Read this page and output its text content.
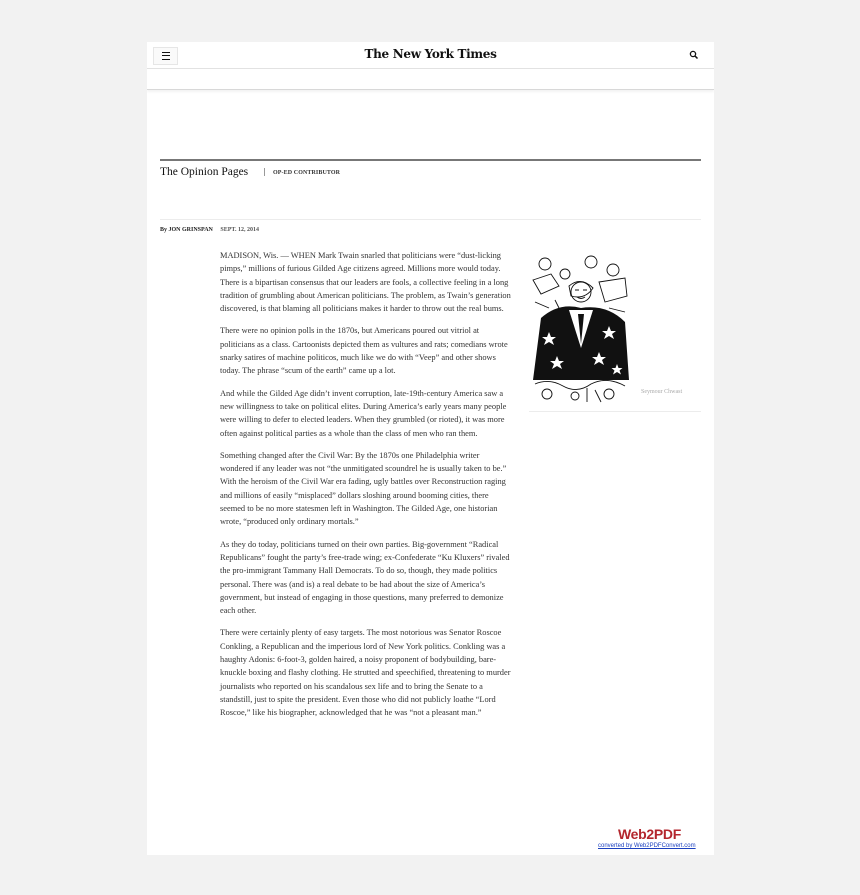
The New York Times
The Opinion Pages	OP-ED CONTRIBUTOR
By JON GRINSPAN SEPT. 12, 2014

MADISON, Wis. — WHEN Mark Twain snarled that politicians were “dust-licking pimps,” millions of furious Gilded Age citizens agreed. Millions more would today. There is a bipartisan consensus that our leaders are fools, a collective feeling in a long tradition of grumbling about American politicians. The problem, as Twain’s generation discovered, is that blaming all politicians makes it harder to throw out the real bums.

There were no opinion polls in the 1870s, but Americans poured out vitriol at politicians as a class. Cartoonists depicted them as vultures and rats; comedians wrote snarky satires of machine politicos, much like we do with “Veep” and other shows today. The phrase “scum of the earth” came up a lot.

And while the Gilded Age didn’t invent corruption, late-19th-century America saw a new willingness to take on political elites. During America’s early years many people were willing to defer to elected leaders. When they grumbled (or rioted), it was more often against political parties as a whole than the class of men who ran them.

Something changed after the Civil War: By the 1870s one Philadelphia writer wondered if any leader was not “the unmitigated scoundrel he is usually taken to be.” With the heroism of the Civil War era fading, ugly battles over Reconstruction raging and millions of easily “misplaced” dollars sloshing around booming cities, there seemed to be no more statesmen left in Washington. The Gilded Age, one historian wrote, “produced only ordinary mortals.”

As they do today, politicians turned on their own parties. Big-government “Radical Republicans” fought the party’s free-trade wing; ex-Confederate “Ku Kluxers” rivaled the pro-immigrant Tammany Hall Democrats. To do so, though, they made politics personal. There was (and is) a real debate to be had about the size of America’s government, but instead of engaging in those questions, many preferred to demonize each other.

There were certainly plenty of easy targets. The most notorious was Senator Roscoe Conkling, a Republican and the imperious lord of New York politics. Conkling was a haughty Adonis: 6-foot-3, golden haired, a noisy proponent of bodybuilding, bare-knuckle boxing and flashy clothing. He strutted and speechified, threatening to murder journalists who reported on his scandalous sex life and to bring the Senate to a standstill, just to spite the president. Even those who did not publicly loathe “Lord Roscoe,” like his biographer, acknowledged that he was “not a pleasant man.”

Seymour Chwast
Web2PDF
converted by Web2PDFConvert.com
